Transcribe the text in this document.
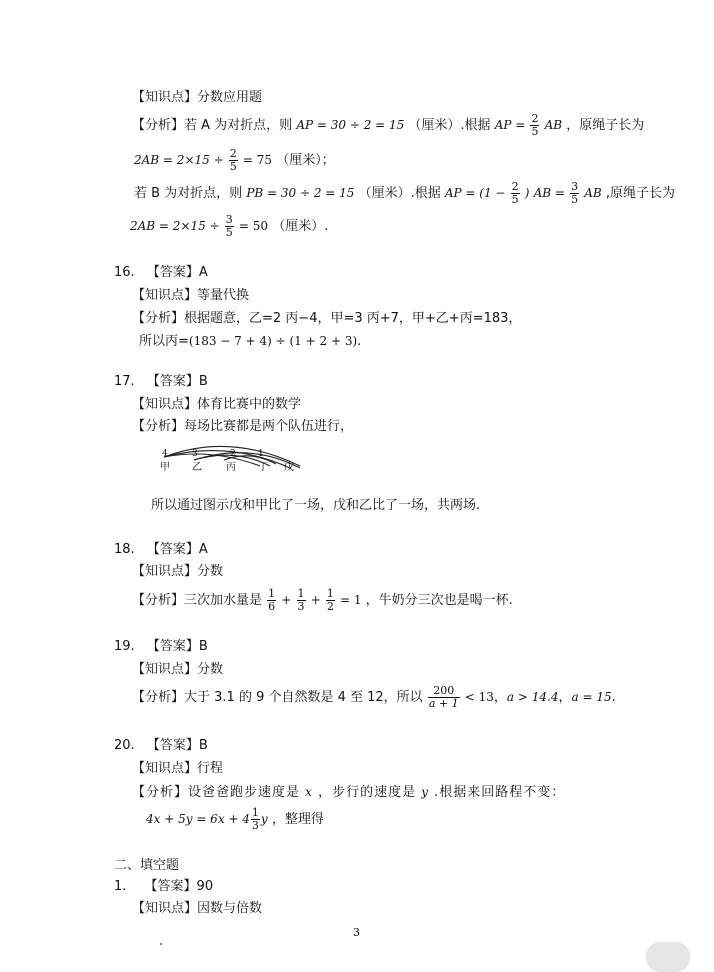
【知识点】分数应用题
【分析】若 A 为对折点，则 AP = 30 ÷ 2 = 15 （厘米）.根据 AP = $\frac{2}{5}$ AB ，原绳子长为
$2AB = 2\times 15 \div \frac{2}{5} = 75$ （厘米）；
若 B 为对折点，则 PB = 30 ÷ 2 = 15 （厘米）.根据 AP = ($1 - \frac{2}{5}$ ) AB = $\frac{3}{5}$ AB ,原绳子长为
$2AB = 2\times 15 \div \frac{3}{5} = 50$ （厘米）.
16. 【答案】A
【知识点】等量代换
【分析】根据题意，乙=2 丙−4，甲=3 丙+7，甲+乙+丙=183，
所以丙=(183 − 7 + 4) ÷ (1 + 2 + 3).
17. 【答案】B
【知识点】体育比赛中的数学
【分析】每场比赛都是两个队伍进行，
4	3	2 1
甲 乙 丙 丁 戊
所以通过图示戊和甲比了一场，戊和乙比了一场，共两场.
18. 【答案】A
【知识点】分数
【分析】三次加水量是 $\frac{1}{6} + \frac{1}{3} + \frac{1}{2} = 1$ ，牛奶分三次也是喝一杯.
19. 【答案】B
【知识点】分数
【分析】大于 3.1 的 9 个自然数是 4 至 12，所以 $\frac{200}{a + 1} < 13$，a > 14.4，a = 15.
20. 【答案】B
【知识点】行程
【分析】设爸爸跑步速度是 x ，步行的速度是 y .根据来回路程不变：
$4x + 5y = 6x + 4 \frac{1}{3}$ y ，整理得
二、填空题
1. 【答案】90
【知识点】因数与倍数
3
